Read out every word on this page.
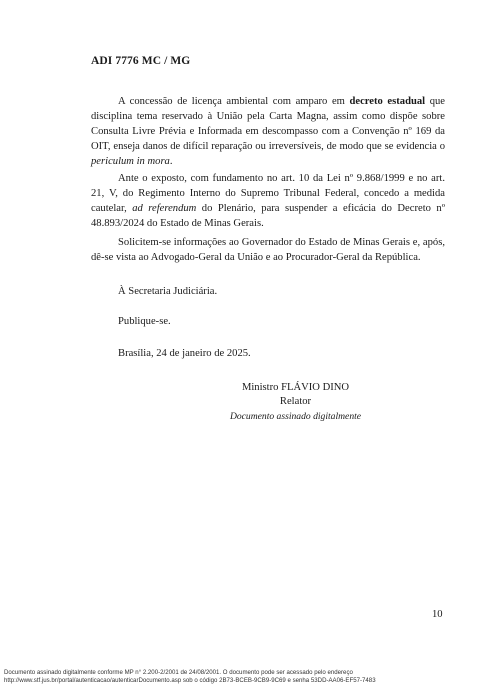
ADI 7776 MC / MG

A concessão de licença ambiental com amparo em decreto estadual que disciplina tema reservado à União pela Carta Magna, assim como dispõe sobre Consulta Livre Prévia e Informada em descompasso com a Convenção nº 169 da OIT, enseja danos de difícil reparação ou irreversíveis, de modo que se evidencia o periculum in mora.

Ante o exposto, com fundamento no art. 10 da Lei nº 9.868/1999 e no art. 21, V, do Regimento Interno do Supremo Tribunal Federal, concedo a medida cautelar, ad referendum do Plenário, para suspender a eficácia do Decreto nº 48.893/2024 do Estado de Minas Gerais.

Solicitem-se informações ao Governador do Estado de Minas Gerais e, após, dê-se vista ao Advogado-Geral da União e ao Procurador-Geral da República.

À Secretaria Judiciária.

Publique-se.
Brasília, 24 de janeiro de 2025.
Ministro FLÁVIO DINO
Relator
Documento assinado digitalmente
10
Documento assinado digitalmente conforme MP n° 2.200-2/2001 de 24/08/2001. O documento pode ser acessado pelo endereço
http://www.stf.jus.br/portal/autenticacao/autenticarDocumento.asp sob o código 2B73-BCEB-9CB9-9C69 e senha 53DD-AA06-EF57-7483
